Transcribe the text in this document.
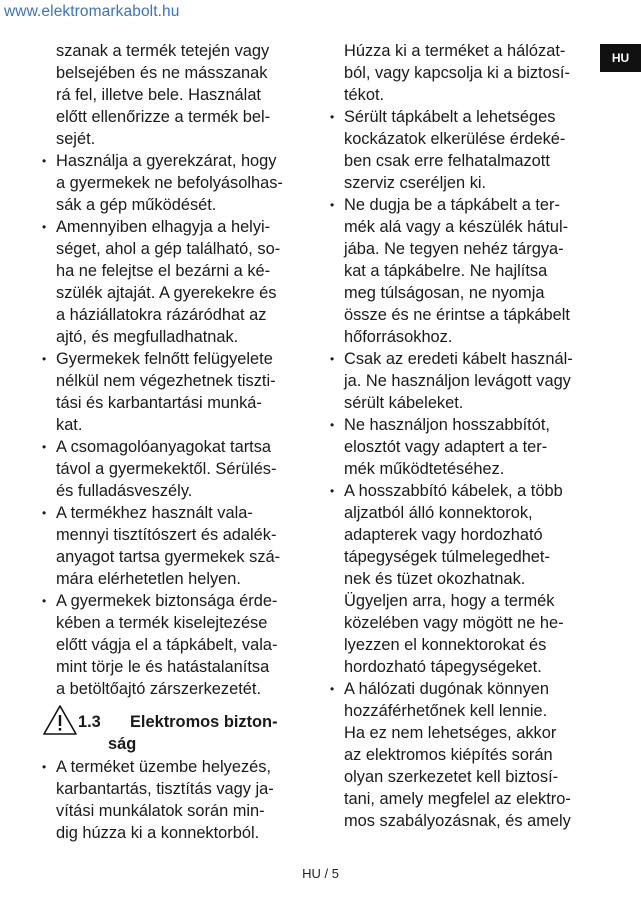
www.elektromarkabolt.hu
HU
szanak a termék tetején vagy
belsejében és ne másszanak
rá fel, illetve bele. Használat
előtt ellenőrizze a termék bel-
sejét.
• Használja a gyerekzárat, hogy
a gyermekek ne befolyásolhas-
sák a gép működését.
• Amennyiben elhagyja a helyi-
séget, ahol a gép található, so-
ha ne felejtse el bezárni a ké-
szülék ajtaját. A gyerekekre és
a háziállatokra rázáródhat az
ajtó, és megfulladhatnak.
• Gyermekek felnőtt felügyelete
nélkül nem végezhetnek tiszti-
tási és karbantartási munká-
kat.
• A csomagolóanyagokat tartsa
távol a gyermekektől. Sérülés-
és fulladásveszély.
• A termékhez használt vala-
mennyi tisztítószert és adalék-
anyagot tartsa gyermekek szá-
mára elérhetetlen helyen.
• A gyermekek biztonsága érde-
kében a termék kiselejtezése
előtt vágja el a tápkábelt, vala-
mint törje le és hatástalanítsa
a betöltőajtó zárszerkezetét.
1.3 Elektromos bizton-
ság
• A terméket üzembe helyezés,
karbantartás, tisztítás vagy ja-
vítási munkálatok során min-
dig húzza ki a konnektorból.
Húzza ki a terméket a hálózat-
ból, vagy kapcsolja ki a biztosí-
tékot.
• Sérült tápkábelt a lehetséges
kockázatok elkerülése érdeké-
ben csak erre felhatalmazott
szerviz cseréljen ki.
• Ne dugja be a tápkábelt a ter-
mék alá vagy a készülék hátul-
jába. Ne tegyen nehéz tárgya-
kat a tápkábelre. Ne hajlítsa
meg túlságosan, ne nyomja
össze és ne érintse a tápkábelt
hőforrásokhoz.
• Csak az eredeti kábelt használ-
ja. Ne használjon levágott vagy
sérült kábeleket.
• Ne használjon hosszabbítót,
elosztót vagy adaptert a ter-
mék működtetéséhez.
• A hosszabbító kábelek, a több
aljzatból álló konnektorok,
adapterek vagy hordozható
tápegységek túlmelegedhet-
nek és tüzet okozhatnak.
Ügyeljen arra, hogy a termék
közelében vagy mögött ne he-
lyezzen el konnektorokat és
hordozható tápegységeket.
• A hálózati dugónak könnyen
hozzáférhetőnek kell lennie.
Ha ez nem lehetséges, akkor
az elektromos kiépítés során
olyan szerkezetet kell biztosí-
tani, amely megfelel az elektro-
mos szabályozásnak, és amely
HU / 5
